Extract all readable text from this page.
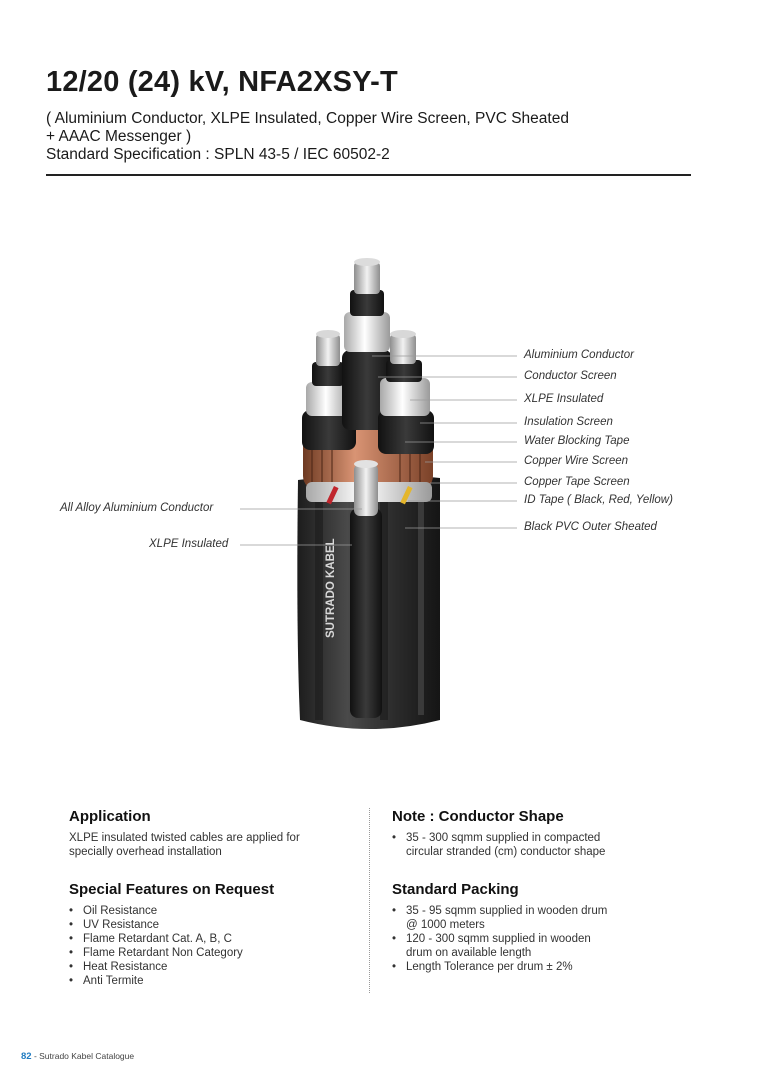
12/20 (24) kV, NFA2XSY-T
( Aluminium Conductor, XLPE Insulated, Copper Wire Screen, PVC Sheated
+ AAAC Messenger )
Standard Specification : SPLN 43-5 / IEC 60502-2
SUTRADO KABEL
Aluminium Conductor
Conductor Screen
XLPE Insulated
Insulation Screen
Water Blocking Tape
Copper Wire Screen
Copper Tape Screen
ID Tape ( Black, Red, Yellow)
Black PVC Outer Sheated
All Alloy Aluminium Conductor
XLPE Insulated
Application

XLPE insulated twisted cables are applied for
specially overhead installation

Special Features on Request
• Oil Resistance
• UV Resistance
• Flame Retardant Cat. A, B, C
• Flame Retardant Non Category
• Heat Resistance
• Anti Termite
Note : Conductor Shape
• 35 - 300 sqmm supplied in compacted
circular stranded (cm) conductor shape
Standard Packing
• 35 - 95 sqmm supplied in wooden drum
@ 1000 meters
• 120 - 300 sqmm supplied in wooden
drum on available length
• Length Tolerance per drum ± 2%
82 - Sutrado Kabel Catalogue
